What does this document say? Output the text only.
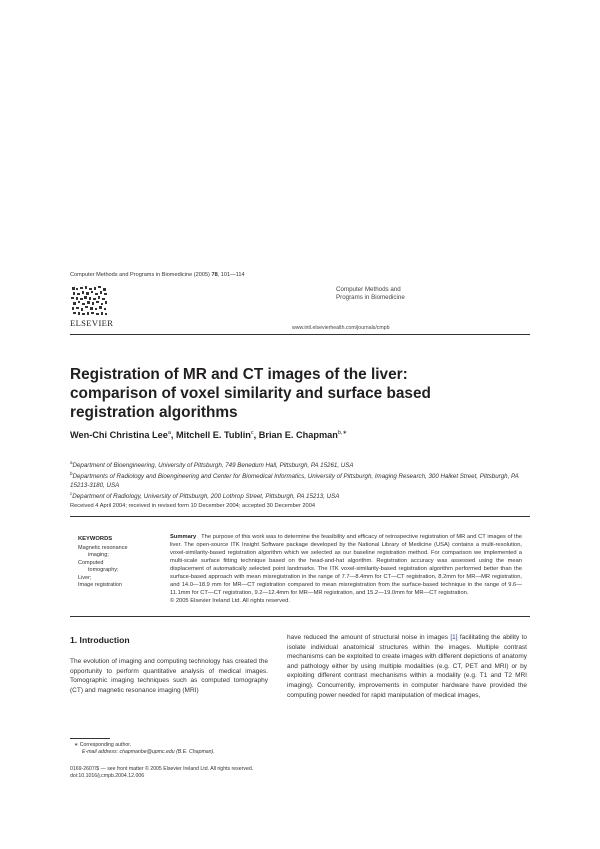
Computer Methods and Programs in Biomedicine (2005) 78, 101—114
ELSEVIER
Computer Methods and
Programs in Biomedicine
www.intl.elsevierhealth.com/journals/cmpb
Registration of MR and CT images of the liver: comparison of voxel similarity and surface based registration algorithms
Wen-Chi Christina Lee$^a$, Mitchell E. Tublin$^c$, Brian E. Chapman$^{b,∗}$
$^a$Department of Bioengineering, University of Pittsburgh, 749 Benedum Hall, Pittsburgh, PA 15261, USA
$^b$Departments of Radiology and Bioengineering and Center for Biomedical Informatics, University of Pittsburgh, Imaging Research, 300 Halket Street, Pittsburgh, PA 15213-3180, USA
$^c$Department of Radiology, University of Pittsburgh, 200 Lothrop Street, Pittsburgh, PA 15213, USA
Received 4 April 2004; received in revised form 10 December 2004; accepted 30 December 2004
KEYWORDS
Magnetic resonance
imaging;
Computed
tomography;
Liver;
Image registration
Summary The purpose of this work was to determine the feasibility and efficacy of retrospective registration of MR and CT images of the liver. The open-source ITK Insight Software package developed by the National Library of Medicine (USA) contains a multi-resolution, voxel-similarity-based registration algorithm which we selected as our baseline registration method. For comparison we implemented a multi-scale surface fitting technique based on the head-and-hat algorithm. Registration accuracy was assessed using the mean displacement of automatically selected point landmarks. The ITK voxel-similarity-based registration algorithm performed better than the surface-based approach with mean misregistration in the range of 7.7—8.4mm for CT—CT registration, 8.2mm for MR—MR registration, and 14.0—18.9 mm for MR—CT registration compared to mean misregistration from the surface-based technique in the range of 9.6—11.1mm for CT—CT registration, 9.2—12.4mm for MR—MR registration, and 15.2—19.0mm for MR—CT registration.
© 2005 Elsevier Ireland Ltd. All rights reserved.
1. Introduction
The evolution of imaging and computing technology has created the opportunity to perform quantitative analysis of medical images. Tomographic imaging techniques such as computed tomography (CT) and magnetic resonance imaging (MRI)
have reduced the amount of structural noise in images [1] facilitating the ability to isolate individual anatomical structures within the images. Multiple contrast mechanisms can be exploited to create images with different depictions of anatomy and pathology either by using multiple modalities (e.g. CT, PET and MRI) or by exploiting different contrast mechanisms within a modality (e.g. T1 and T2 MRI imaging). Concurrently, improvements in computer hardware have provided the computing power needed for rapid manipulation of medical images,
∗ Corresponding author.
E-mail address: chapmanbe@upmc.edu (B.E. Chapman).
0169-2607/$ — see front matter © 2005 Elsevier Ireland Ltd. All rights reserved.
doi:10.1016/j.cmpb.2004.12.006
